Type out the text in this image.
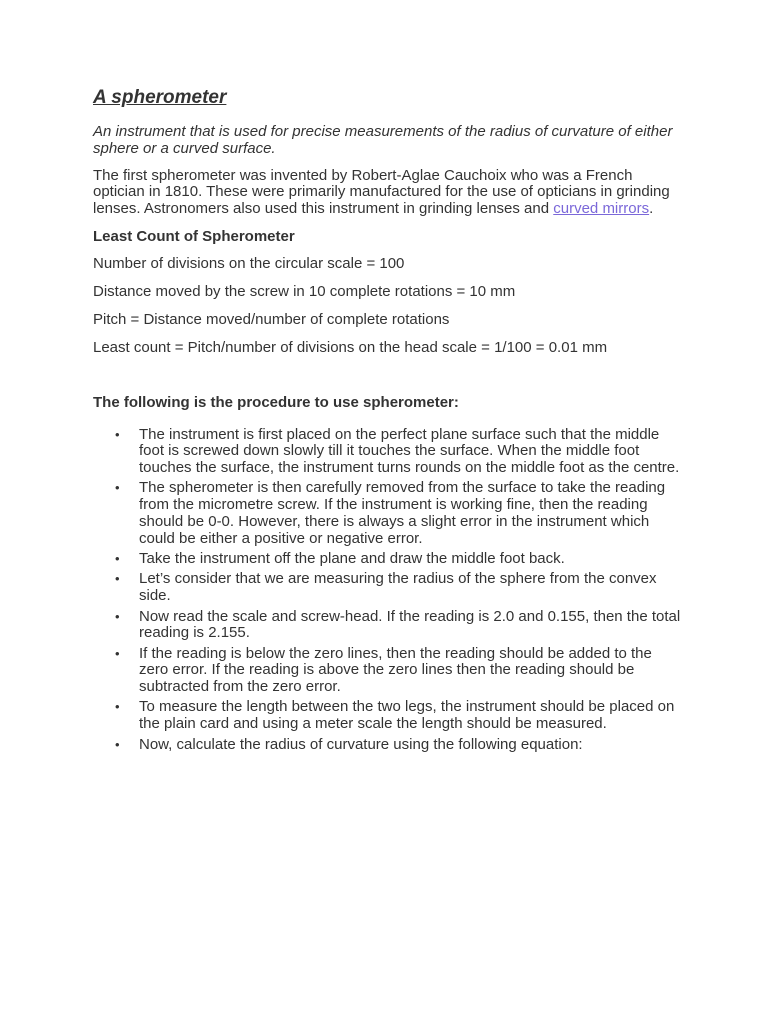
A spherometer

An instrument that is used for precise measurements of the radius of curvature of either sphere or a curved surface.

The first spherometer was invented by Robert-Aglae Cauchoix who was a French optician in 1810. These were primarily manufactured for the use of opticians in grinding lenses. Astronomers also used this instrument in grinding lenses and curved mirrors.

Least Count of Spherometer

Number of divisions on the circular scale = 100

Distance moved by the screw in 10 complete rotations = 10 mm

Pitch = Distance moved/number of complete rotations

Least count = Pitch/number of divisions on the head scale = 1/100 = 0.01 mm

The following is the procedure to use spherometer:

• The instrument is first placed on the perfect plane surface such that the middle foot is screwed down slowly till it touches the surface. When the middle foot touches the surface, the instrument turns rounds on the middle foot as the centre.
• The spherometer is then carefully removed from the surface to take the reading from the micrometre screw. If the instrument is working fine, then the reading should be 0-0. However, there is always a slight error in the instrument which could be either a positive or negative error.
• Take the instrument off the plane and draw the middle foot back.
• Let’s consider that we are measuring the radius of the sphere from the convex side.
• Now read the scale and screw-head. If the reading is 2.0 and 0.155, then the total reading is 2.155.
• If the reading is below the zero lines, then the reading should be added to the zero error. If the reading is above the zero lines then the reading should be subtracted from the zero error.
• To measure the length between the two legs, the instrument should be placed on the plain card and using a meter scale the length should be measured.
• Now, calculate the radius of curvature using the following equation:
